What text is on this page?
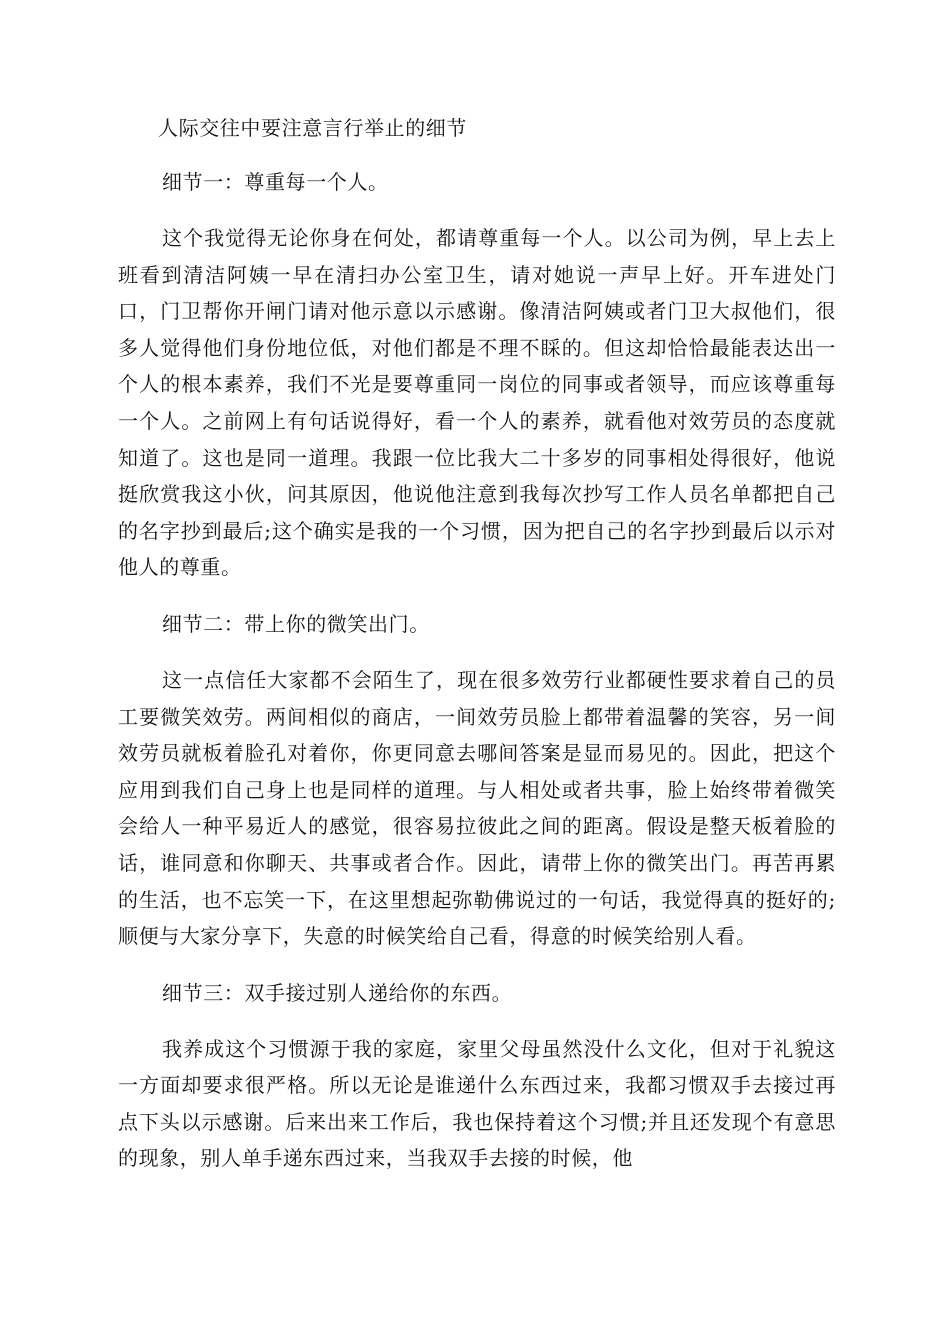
人际交往中要注意言行举止的细节
细节一：尊重每一个人。

这个我觉得无论你身在何处，都请尊重每一个人。以公司为例，早上去上班看到清洁阿姨一早在清扫办公室卫生，请对她说一声早上好。开车进处门口，门卫帮你开闸门请对他示意以示感谢。像清洁阿姨或者门卫大叔他们，很多人觉得他们身份地位低，对他们都是不理不睬的。但这却恰恰最能表达出一个人的根本素养，我们不光是要尊重同一岗位的同事或者领导，而应该尊重每一个人。之前网上有句话说得好，看一个人的素养，就看他对效劳员的态度就知道了。这也是同一道理。我跟一位比我大二十多岁的同事相处得很好，他说挺欣赏我这小伙，问其原因，他说他注意到我每次抄写工作人员名单都把自己的名字抄到最后;这个确实是我的一个习惯，因为把自己的名字抄到最后以示对他人的尊重。

细节二：带上你的微笑出门。

这一点信任大家都不会陌生了，现在很多效劳行业都硬性要求着自己的员工要微笑效劳。两间相似的商店，一间效劳员脸上都带着温馨的笑容，另一间效劳员就板着脸孔对着你，你更同意去哪间答案是显而易见的。因此，把这个应用到我们自己身上也是同样的道理。与人相处或者共事，脸上始终带着微笑会给人一种平易近人的感觉，很容易拉彼此之间的距离。假设是整天板着脸的话，谁同意和你聊天、共事或者合作。因此，请带上你的微笑出门。再苦再累的生活，也不忘笑一下，在这里想起弥勒佛说过的一句话，我觉得真的挺好的;顺便与大家分享下，失意的时候笑给自己看，得意的时候笑给别人看。

细节三：双手接过别人递给你的东西。

我养成这个习惯源于我的家庭，家里父母虽然没什么文化，但对于礼貌这一方面却要求很严格。所以无论是谁递什么东西过来，我都习惯双手去接过再点下头以示感谢。后来出来工作后，我也保持着这个习惯;并且还发现个有意思的现象，别人单手递东西过来，当我双手去接的时候，他
